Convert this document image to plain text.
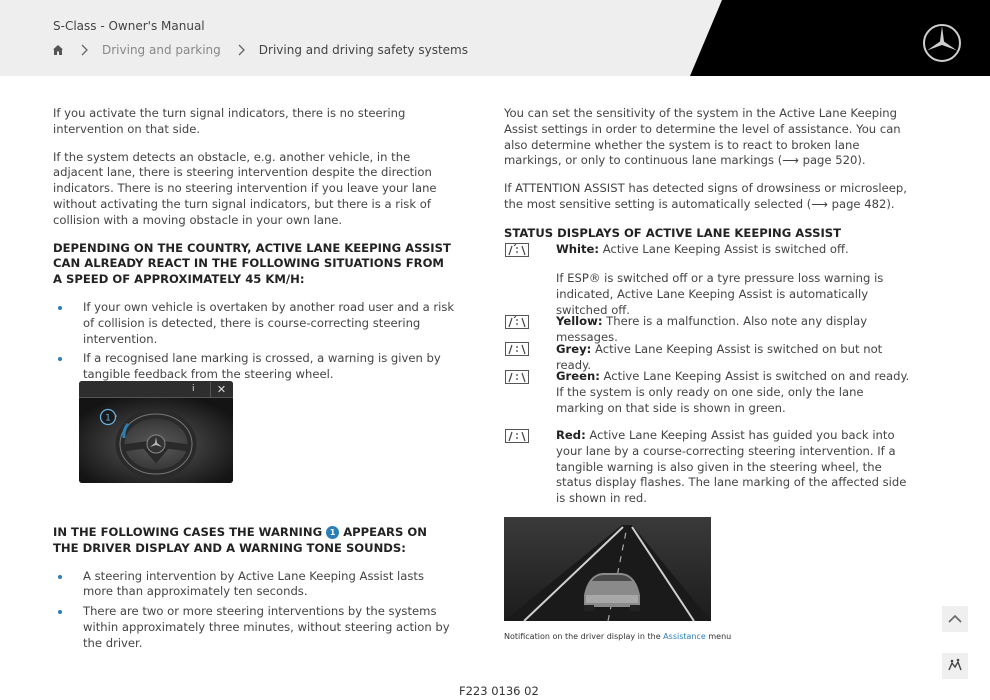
S-Class - Owner's Manual
Driving and parking	Driving and driving safety systems

If you activate the turn signal indicators, there is no steering intervention on that side.

If the system detects an obstacle, e.g. another vehicle, in the adjacent lane, there is steering intervention despite the direction indicators. There is no steering intervention if you leave your lane without activating the turn signal indicators, but there is a risk of collision with a moving obstacle in your own lane.

DEPENDING ON THE COUNTRY, ACTIVE LANE KEEPING ASSIST CAN ALREADY REACT IN THE FOLLOWING SITUATIONS FROM A SPEED OF APPROXIMATELY 45 KM/H:

If your own vehicle is overtaken by another road user and a risk of collision is detected, there is course-correcting steering intervention.
If a recognised lane marking is crossed, a warning is given by tangible feedback from the steering wheel.

IN THE FOLLOWING CASES THE WARNING 1 APPEARS ON THE DRIVER DISPLAY AND A WARNING TONE SOUNDS:

A steering intervention by Active Lane Keeping Assist lasts more than approximately ten seconds.
There are two or more steering interventions by the systems within approximately three minutes, without steering action by the driver.
i	✕
1

You can set the sensitivity of the system in the Active Lane Keeping Assist settings in order to determine the level of assistance. You can also determine whether the system is to react to broken lane markings, or only to continuous lane markings (⟶ page 520).

If ATTENTION ASSIST has detected signs of drowsiness or microsleep, the most sensitive setting is automatically selected (⟶ page 482).

STATUS DISPLAYS OF ACTIVE LANE KEEPING ASSIST
White: Active Lane Keeping Assist is switched off.
If ESP® is switched off or a tyre pressure loss warning is indicated, Active Lane Keeping Assist is automatically switched off.
Yellow: There is a malfunction. Also note any display messages.
Grey: Active Lane Keeping Assist is switched on but not ready.
Green: Active Lane Keeping Assist is switched on and ready. If the system is only ready on one side, only the lane marking on that side is shown in green.
Red: Active Lane Keeping Assist has guided you back into your lane by a course-correcting steering intervention. If a tangible warning is also given in the steering wheel, the status display flashes. The lane marking of the affected side is shown in red.
Notification on the driver display in the Assistance menu
F223 0136 02
